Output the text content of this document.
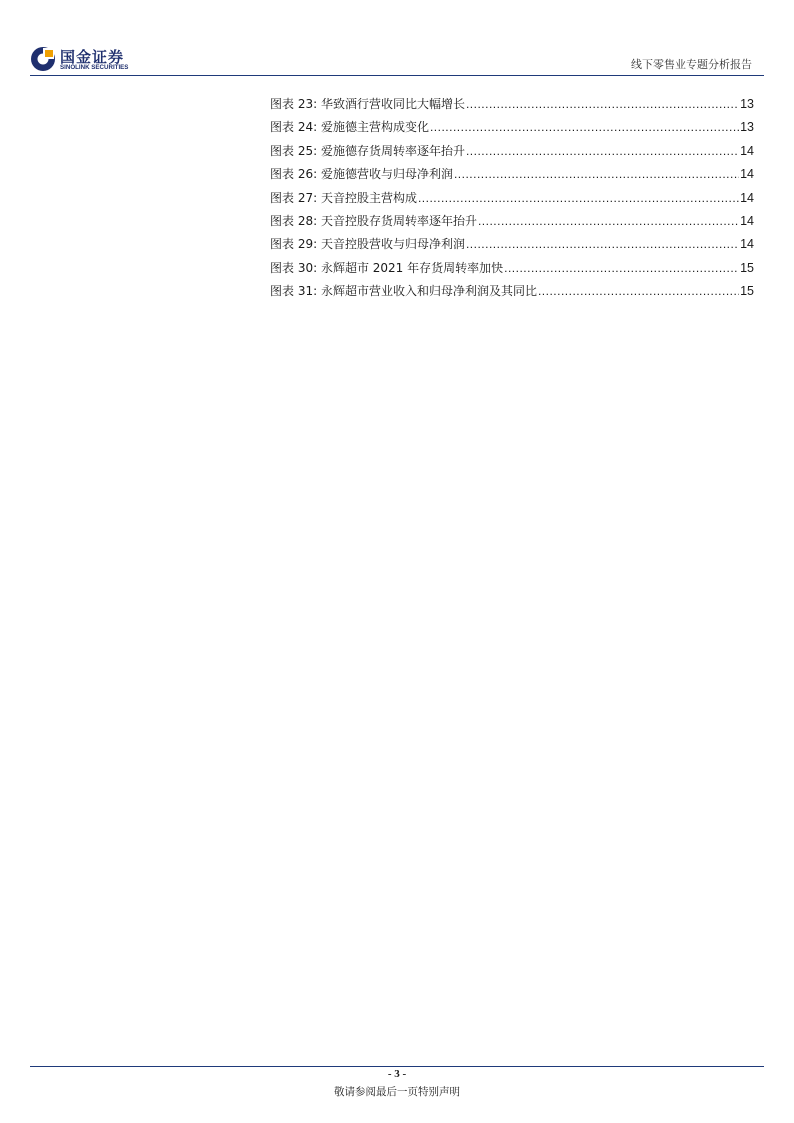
国金证券
SINOLINK SECURITIES	线下零售业专题分析报告
图表 23: 华致酒行营收同比大幅增长 .....	13
图表 24: 爱施德主营构成变化 .....	13
图表 25: 爱施德存货周转率逐年抬升 .....	14
图表 26: 爱施德营收与归母净利润 .....	14
图表 27: 天音控股主营构成 .....	14
图表 28: 天音控股存货周转率逐年抬升 .....	14
图表 29: 天音控股营收与归母净利润 .....	14
图表 30: 永辉超市 2021 年存货周转率加快 .....	15
图表 31: 永辉超市营业收入和归母净利润及其同比 .....	15
- 3 -
敬请参阅最后一页特别声明
